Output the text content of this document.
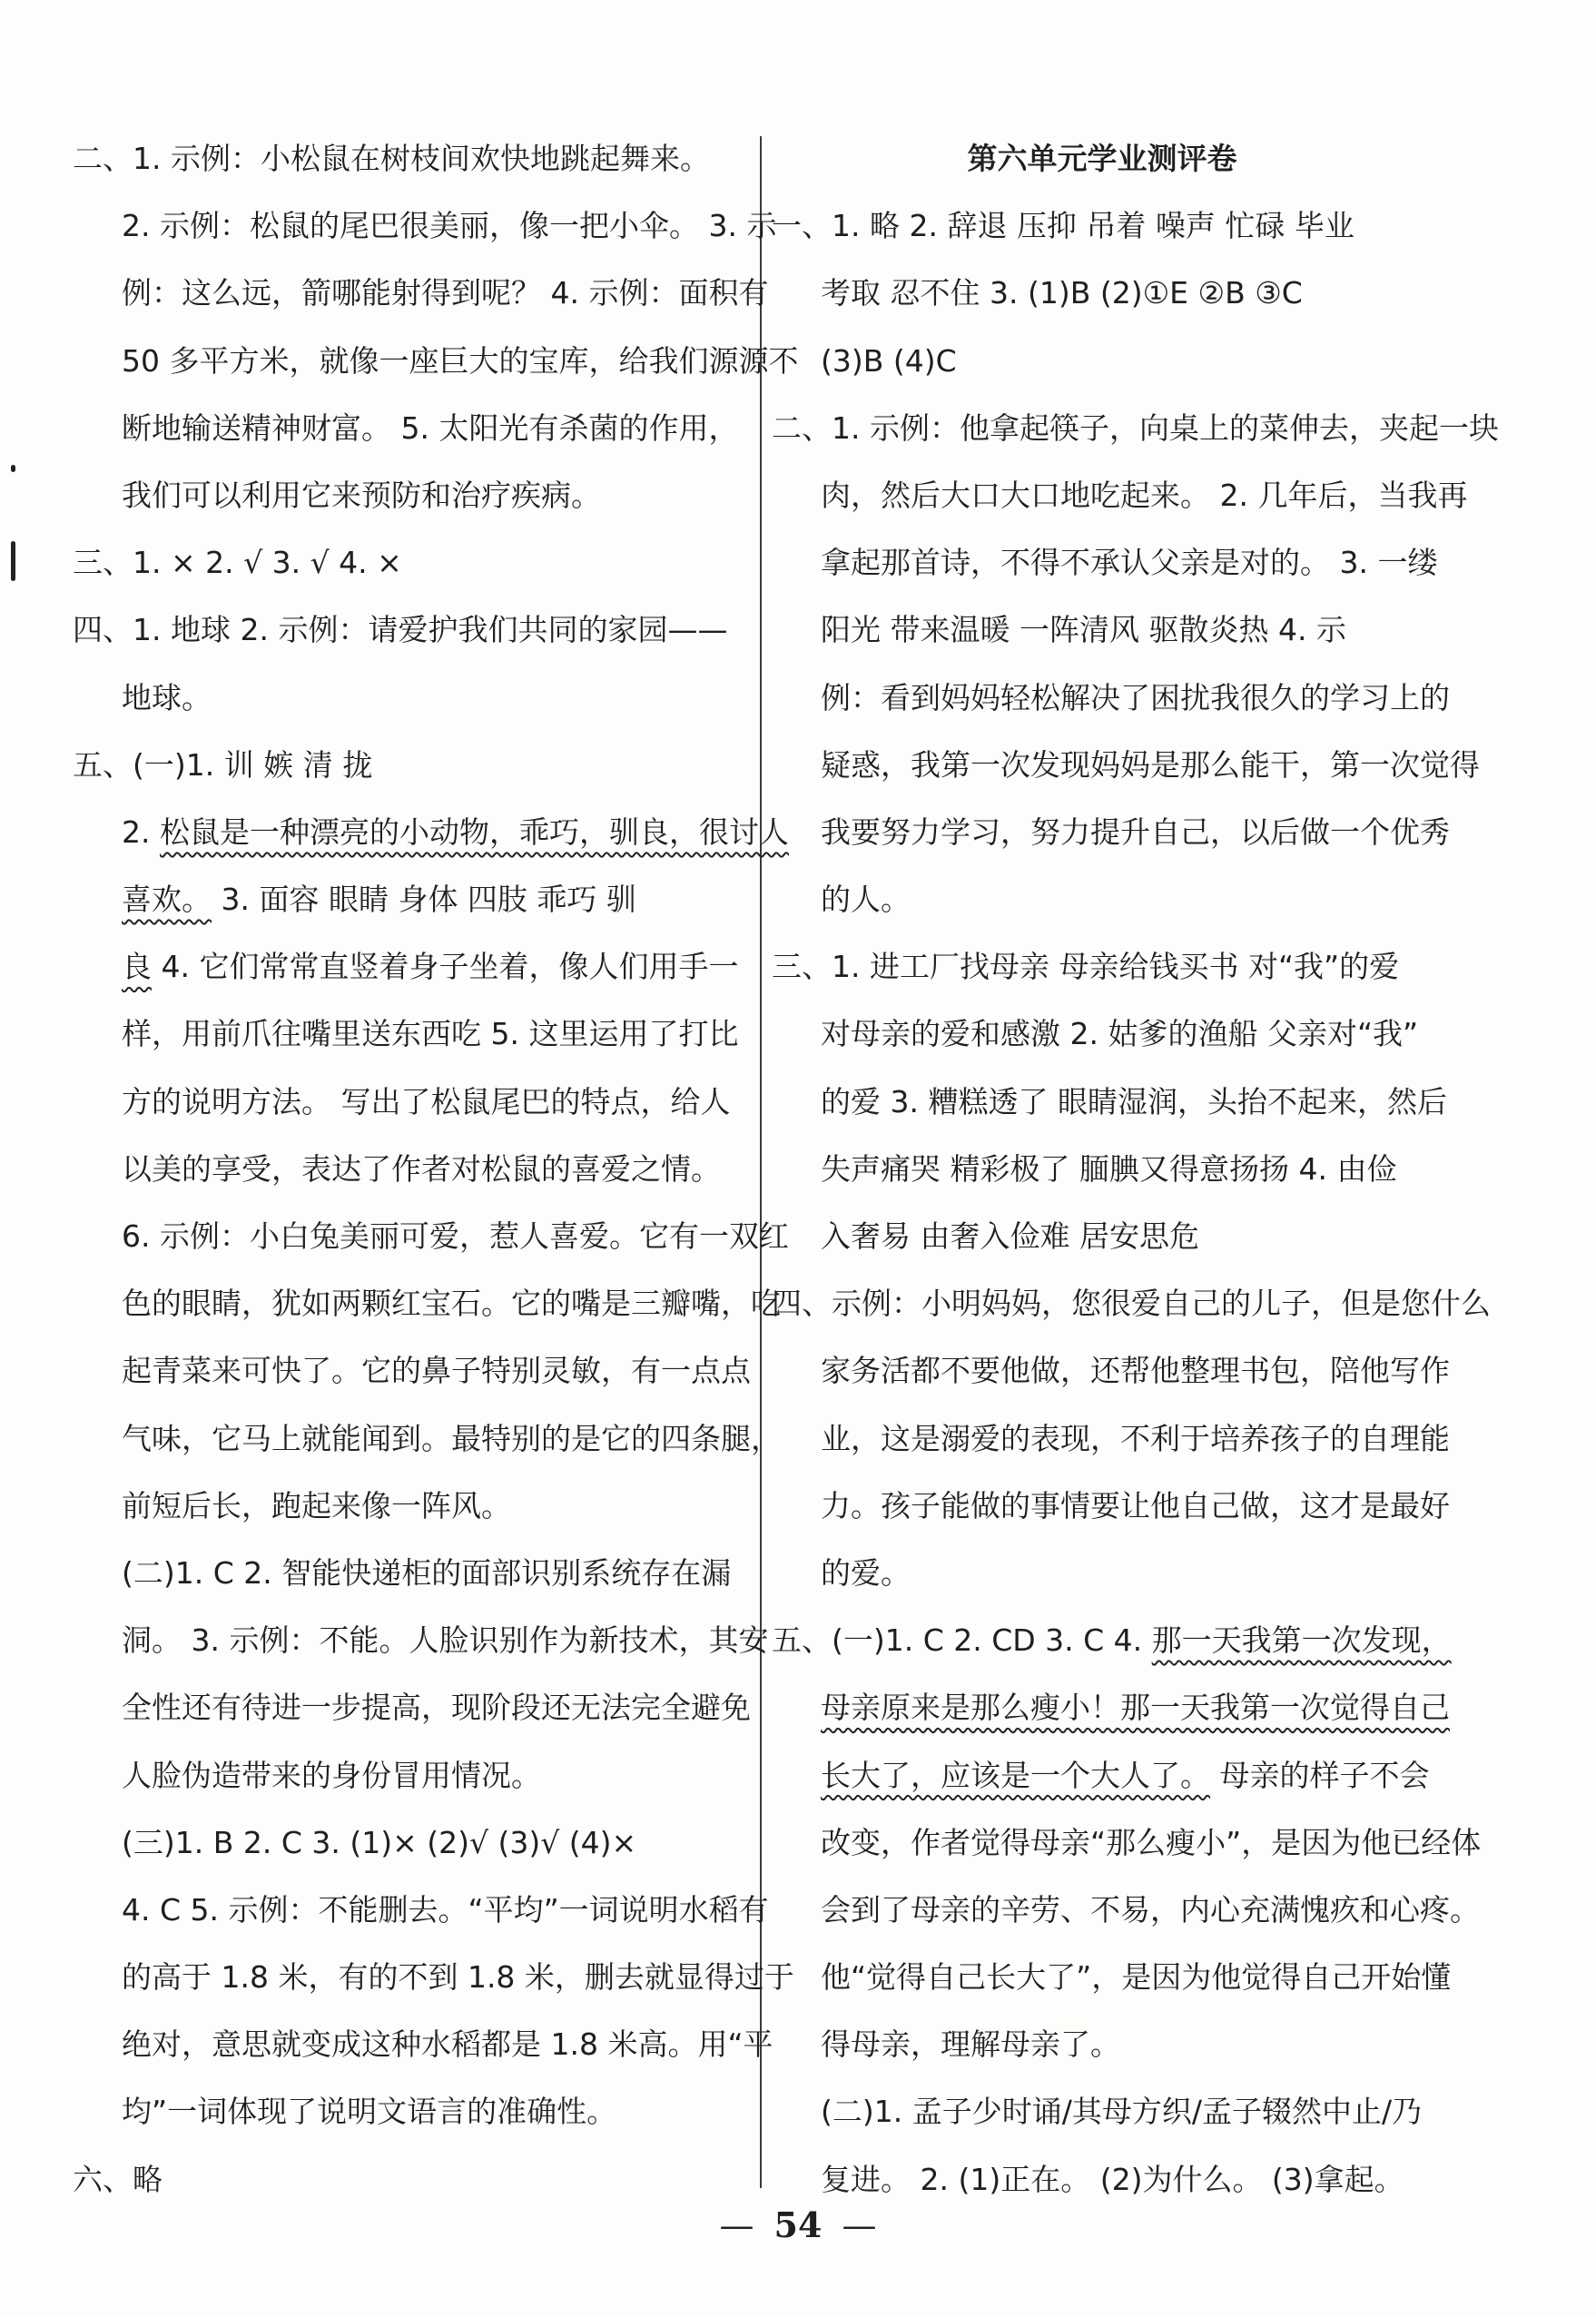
二、1. 示例：小松鼠在树枝间欢快地跳起舞来。
2. 示例：松鼠的尾巴很美丽，像一把小伞。 3. 示
例：这么远，箭哪能射得到呢？ 4. 示例：面积有
50 多平方米，就像一座巨大的宝库，给我们源源不
断地输送精神财富。 5. 太阳光有杀菌的作用，
我们可以利用它来预防和治疗疾病。
三、1. × 2. √ 3. √ 4. ×
四、1. 地球 2. 示例：请爱护我们共同的家园——
地球。
五、(一)1. 训 嫉 清 拢
2. 松鼠是一种漂亮的小动物，乖巧，驯良，很讨人
喜欢。 3. 面容 眼睛 身体 四肢 乖巧 驯
良 4. 它们常常直竖着身子坐着，像人们用手一
样，用前爪往嘴里送东西吃 5. 这里运用了打比
方的说明方法。 写出了松鼠尾巴的特点，给人
以美的享受，表达了作者对松鼠的喜爱之情。
6. 示例：小白兔美丽可爱，惹人喜爱。它有一双红
色的眼睛，犹如两颗红宝石。它的嘴是三瓣嘴，吃
起青菜来可快了。它的鼻子特别灵敏，有一点点
气味，它马上就能闻到。最特别的是它的四条腿，
前短后长，跑起来像一阵风。
(二)1. C 2. 智能快递柜的面部识别系统存在漏
洞。 3. 示例：不能。人脸识别作为新技术，其安
全性还有待进一步提高，现阶段还无法完全避免
人脸伪造带来的身份冒用情况。
(三)1. B 2. C 3. (1)× (2)√ (3)√ (4)×
4. C 5. 示例：不能删去。“平均”一词说明水稻有
的高于 1.8 米，有的不到 1.8 米，删去就显得过于
绝对，意思就变成这种水稻都是 1.8 米高。用“平
均”一词体现了说明文语言的准确性。
六、略
第六单元学业测评卷
一、1. 略 2. 辞退 压抑 吊着 噪声 忙碌 毕业
考取 忍不住 3. (1)B (2)①E ②B ③C
(3)B (4)C
二、1. 示例：他拿起筷子，向桌上的菜伸去，夹起一块
肉，然后大口大口地吃起来。 2. 几年后，当我再
拿起那首诗，不得不承认父亲是对的。 3. 一缕
阳光 带来温暖 一阵清风 驱散炎热 4. 示
例：看到妈妈轻松解决了困扰我很久的学习上的
疑惑，我第一次发现妈妈是那么能干，第一次觉得
我要努力学习，努力提升自己，以后做一个优秀
的人。
三、1. 进工厂找母亲 母亲给钱买书 对“我”的爱
对母亲的爱和感激 2. 姑爹的渔船 父亲对“我”
的爱 3. 糟糕透了 眼睛湿润，头抬不起来，然后
失声痛哭 精彩极了 腼腆又得意扬扬 4. 由俭
入奢易 由奢入俭难 居安思危
四、示例：小明妈妈，您很爱自己的儿子，但是您什么
家务活都不要他做，还帮他整理书包，陪他写作
业，这是溺爱的表现，不利于培养孩子的自理能
力。孩子能做的事情要让他自己做，这才是最好
的爱。
五、(一)1. C 2. CD 3. C 4. 那一天我第一次发现，
母亲原来是那么瘦小！那一天我第一次觉得自己
长大了，应该是一个大人了。 母亲的样子不会
改变，作者觉得母亲“那么瘦小”，是因为他已经体
会到了母亲的辛劳、不易，内心充满愧疚和心疼。
他“觉得自己长大了”，是因为他觉得自己开始懂
得母亲，理解母亲了。
(二)1. 孟子少时诵/其母方织/孟子辍然中止/乃
复进。 2. (1)正在。 (2)为什么。 (3)拿起。
— 54 —
